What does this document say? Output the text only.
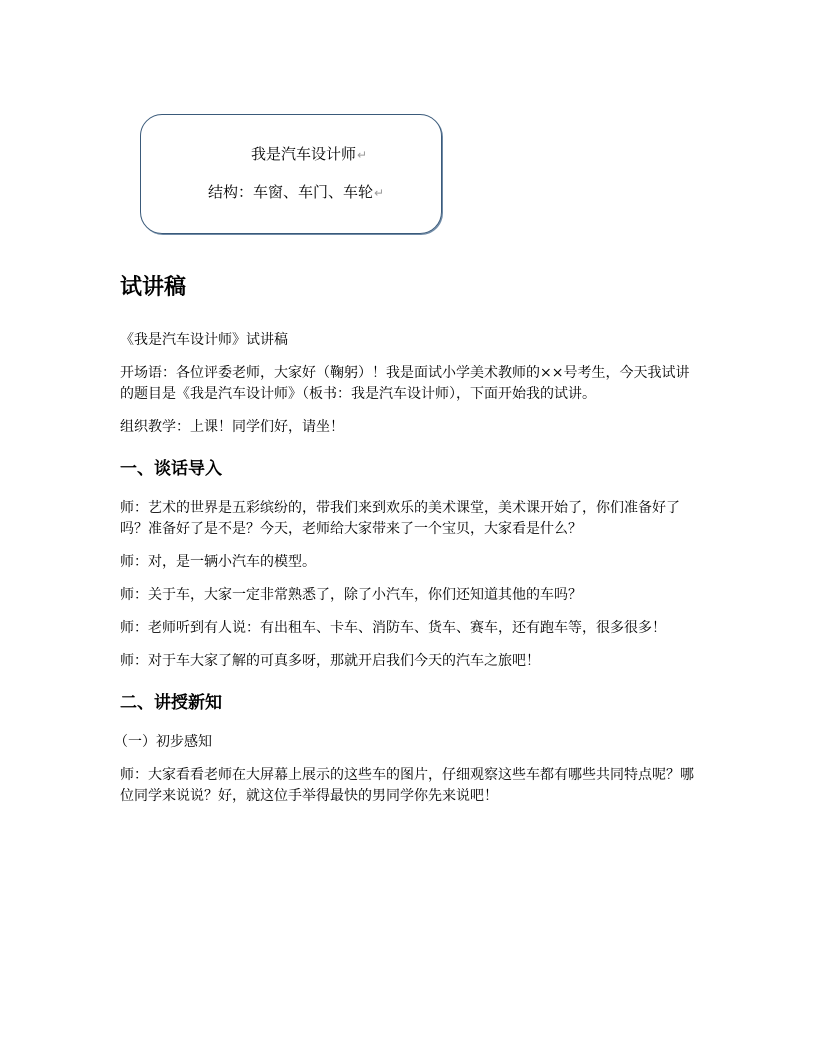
我是汽车设计师↵
结构：车窗、车门、车轮↵
试讲稿

《我是汽车设计师》试讲稿

开场语：各位评委老师，大家好（鞠躬）！我是面试小学美术教师的××号考生，今天我试讲的题目是《我是汽车设计师》（板书：我是汽车设计师），下面开始我的试讲。

组织教学：上课！同学们好，请坐！

一、谈话导入

师：艺术的世界是五彩缤纷的，带我们来到欢乐的美术课堂，美术课开始了，你们准备好了吗？准备好了是不是？今天，老师给大家带来了一个宝贝，大家看是什么？

师：对，是一辆小汽车的模型。

师：关于车，大家一定非常熟悉了，除了小汽车，你们还知道其他的车吗？

师：老师听到有人说：有出租车、卡车、消防车、货车、赛车，还有跑车等，很多很多！

师：对于车大家了解的可真多呀，那就开启我们今天的汽车之旅吧！

二、讲授新知

（一）初步感知

师：大家看看老师在大屏幕上展示的这些车的图片，仔细观察这些车都有哪些共同特点呢？哪位同学来说说？好，就这位手举得最快的男同学你先来说吧！
